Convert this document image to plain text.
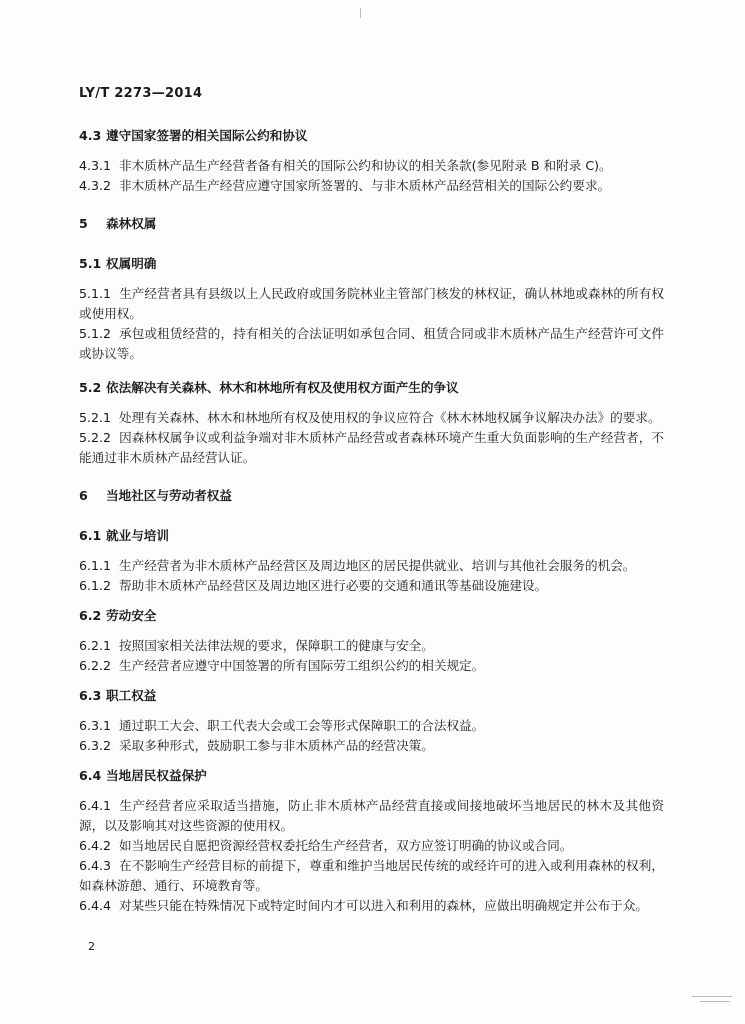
LY/T 2273—2014
4.3 遵守国家签署的相关国际公约和协议
4.3.1 非木质林产品生产经营者备有相关的国际公约和协议的相关条款(参见附录 B 和附录 C)。
4.3.2 非木质林产品生产经营应遵守国家所签署的、与非木质林产品经营相关的国际公约要求。
5	森林权属
5.1 权属明确
5.1.1 生产经营者具有县级以上人民政府或国务院林业主管部门核发的林权证，确认林地或森林的所有权或使用权。
5.1.2 承包或租赁经营的，持有相关的合法证明如承包合同、租赁合同或非木质林产品生产经营许可文件或协议等。
5.2 依法解决有关森林、林木和林地所有权及使用权方面产生的争议
5.2.1 处理有关森林、林木和林地所有权及使用权的争议应符合《林木林地权属争议解决办法》的要求。
5.2.2 因森林权属争议或利益争端对非木质林产品经营或者森林环境产生重大负面影响的生产经营者，不能通过非木质林产品经营认证。
6	当地社区与劳动者权益
6.1 就业与培训
6.1.1 生产经营者为非木质林产品经营区及周边地区的居民提供就业、培训与其他社会服务的机会。
6.1.2 帮助非木质林产品经营区及周边地区进行必要的交通和通讯等基础设施建设。
6.2 劳动安全
6.2.1 按照国家相关法律法规的要求，保障职工的健康与安全。
6.2.2 生产经营者应遵守中国签署的所有国际劳工组织公约的相关规定。
6.3 职工权益
6.3.1 通过职工大会、职工代表大会或工会等形式保障职工的合法权益。
6.3.2 采取多种形式，鼓励职工参与非木质林产品的经营决策。
6.4 当地居民权益保护
6.4.1 生产经营者应采取适当措施，防止非木质林产品经营直接或间接地破坏当地居民的林木及其他资源，以及影响其对这些资源的使用权。
6.4.2 如当地居民自愿把资源经营权委托给生产经营者，双方应签订明确的协议或合同。
6.4.3 在不影响生产经营目标的前提下，尊重和维护当地居民传统的或经许可的进入或利用森林的权利，如森林游憩、通行、环境教育等。
6.4.4 对某些只能在特殊情况下或特定时间内才可以进入和利用的森林，应做出明确规定并公布于众。
2
